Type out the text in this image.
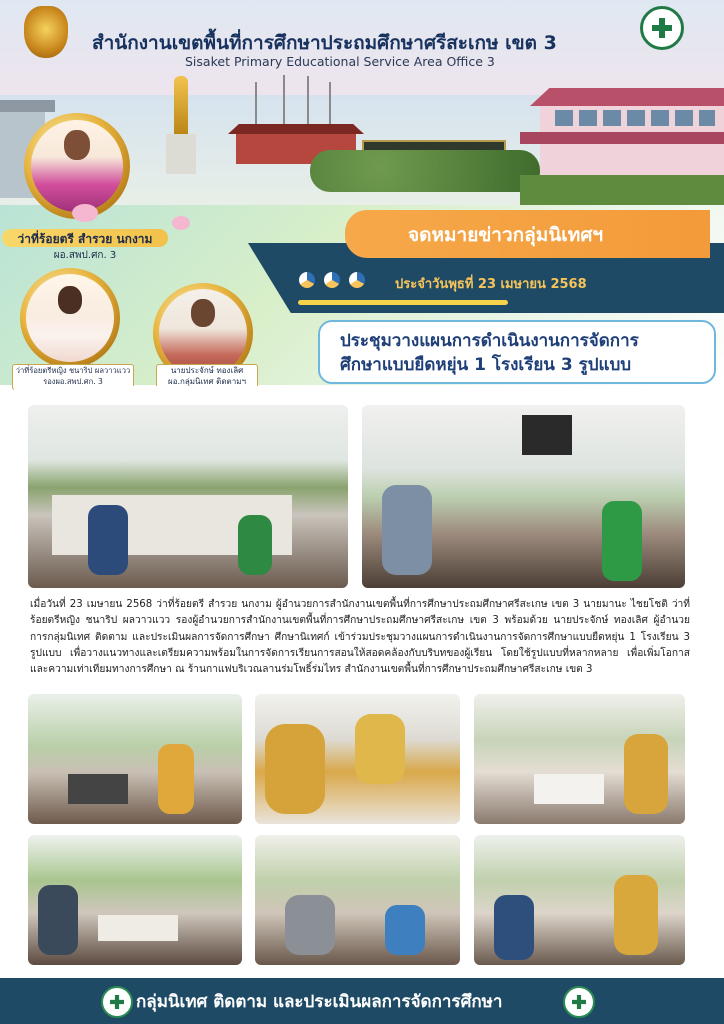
สำนักงานเขตพื้นที่การศึกษาประถมศึกษาศรีสะเกษ เขต 3
Sisaket Primary Educational Service Area Office 3
ว่าที่ร้อยตรี สำรวย นกงาม
ผอ.สพป.ศก. 3
ว่าที่ร้อยตรีหญิง ชนาริป ผลวาวแวว
รองผอ.สพป.ศก. 3
นายประจักษ์ ทองเลิศ
ผอ.กลุ่มนิเทศ ติดตามฯ
จดหมายข่าวกลุ่มนิเทศฯ
ประจำวันพุธที่ 23 เมษายน 2568
ประชุมวางแผนการดำเนินงานการจัดการ
ศึกษาแบบยืดหยุ่น 1 โรงเรียน 3 รูปแบบ
เมื่อวันที่ 23 เมษายน 2568 ว่าที่ร้อยตรี สำรวย นกงาม ผู้อำนวยการสำนักงานเขตพื้นที่การศึกษาประถมศึกษาศรีสะเกษ เขต 3 นายมานะ ไชยโชติ ว่าที่ร้อยตรีหญิง ชนาริป ผลวาวแวว รองผู้อำนวยการสำนักงานเขตพื้นที่การศึกษาประถมศึกษาศรีสะเกษ เขต 3 พร้อมด้วย นายประจักษ์ ทองเลิศ ผู้อำนวยการกลุ่มนิเทศ ติดตาม และประเมินผลการจัดการศึกษา ศึกษานิเทศก์ เข้าร่วมประชุมวางแผนการดำเนินงานการจัดการศึกษาแบบยืดหยุ่น 1 โรงเรียน 3 รูปแบบ เพื่อวางแนวทางและเตรียมความพร้อมในการจัดการเรียนการสอนให้สอดคล้องกับบริบทของผู้เรียน โดยใช้รูปแบบที่หลากหลาย เพื่อเพิ่มโอกาสและความเท่าเทียมทางการศึกษา ณ ร้านกาแฟบริเวณลานร่มโพธิ์ร่มไทร สำนักงานเขตพื้นที่การศึกษาประถมศึกษาศรีสะเกษ เขต 3
กลุ่มนิเทศ ติดตาม และประเมินผลการจัดการศึกษา
